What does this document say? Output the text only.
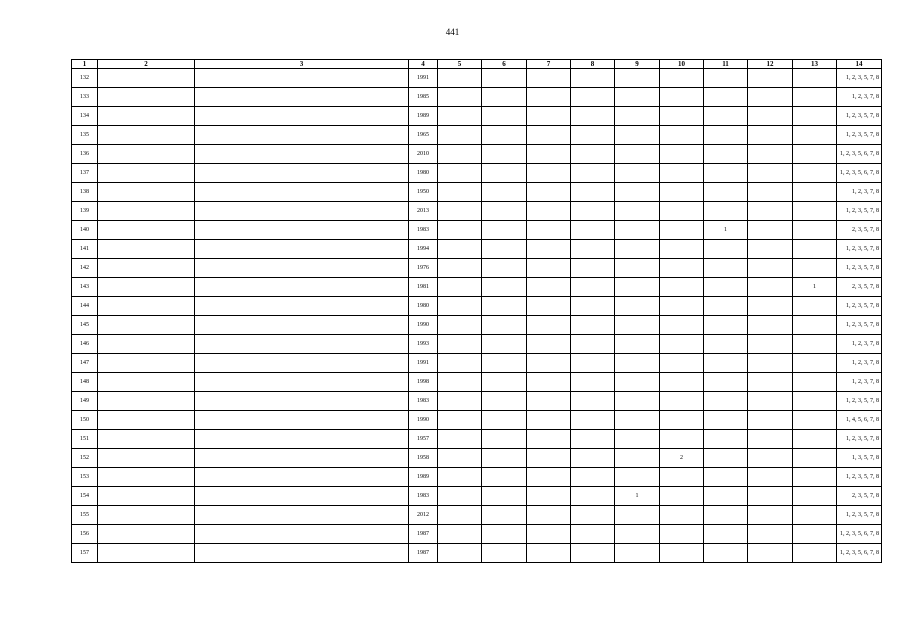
441
1	2	3	4	5	6	7	8	9	10	11	12	13	14
132			1991										1, 2, 3, 5, 7, 8
133			1985										1, 2, 3, 7, 8
134			1989										1, 2, 3, 5, 7, 8
135			1965										1, 2, 3, 5, 7, 8
136			2010										1, 2, 3, 5, 6, 7, 8
137			1980										1, 2, 3, 5, 6, 7, 8
138			1950										1, 2, 3, 7, 8
139			2013										1, 2, 3, 5, 7, 8
140			1983							1			2, 3, 5, 7, 8
141			1994										1, 2, 3, 5, 7, 8
142			1976										1, 2, 3, 5, 7, 8
143			1981									1	2, 3, 5, 7, 8
144			1980										1, 2, 3, 5, 7, 8
145			1990										1, 2, 3, 5, 7, 8
146			1993										1, 2, 3, 7, 8
147			1991										1, 2, 3, 7, 8
148			1998										1, 2, 3, 7, 8
149			1983										1, 2, 3, 5, 7, 8
150			1990										1, 4, 5, 6, 7, 8
151			1957										1, 2, 3, 5, 7, 8
152			1958						2				1, 3, 5, 7, 8
153			1989										1, 2, 3, 5, 7, 8
154			1983					1					2, 3, 5, 7, 8
155			2012										1, 2, 3, 5, 7, 8
156			1987										1, 2, 3, 5, 6, 7, 8
157			1987										1, 2, 3, 5, 6, 7, 8
